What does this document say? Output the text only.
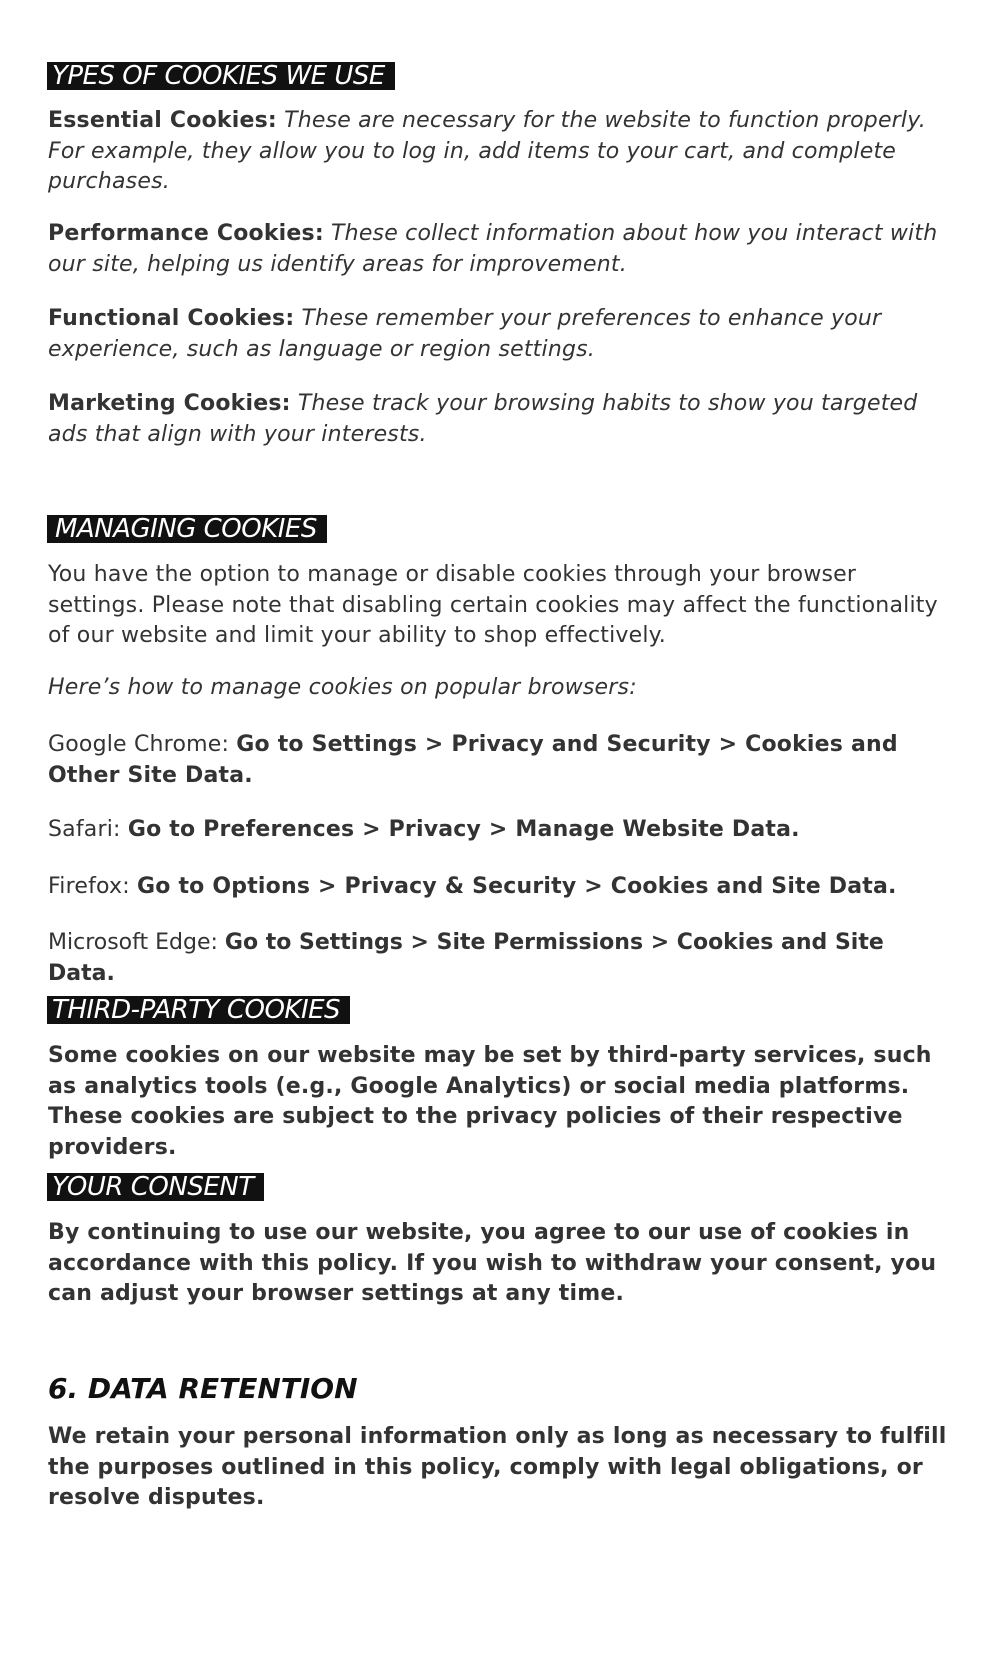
YPES OF COOKIES WE USE

Essential Cookies: These are necessary for the website to function properly. For example, they allow you to log in, add items to your cart, and complete purchases.

Performance Cookies: These collect information about how you interact with our site, helping us identify areas for improvement.

Functional Cookies: These remember your preferences to enhance your experience, such as language or region settings.

Marketing Cookies: These track your browsing habits to show you targeted ads that align with your interests.

MANAGING COOKIES

You have the option to manage or disable cookies through your browser settings. Please note that disabling certain cookies may affect the functionality of our website and limit your ability to shop effectively.

Here’s how to manage cookies on popular browsers:

Google Chrome: Go to Settings > Privacy and Security > Cookies and Other Site Data.

Safari: Go to Preferences > Privacy > Manage Website Data.

Firefox: Go to Options > Privacy & Security > Cookies and Site Data.

Microsoft Edge: Go to Settings > Site Permissions > Cookies and Site Data.

THIRD-PARTY COOKIES

Some cookies on our website may be set by third-party services, such as analytics tools (e.g., Google Analytics) or social media platforms. These cookies are subject to the privacy policies of their respective providers.

YOUR CONSENT

By continuing to use our website, you agree to our use of cookies in accordance with this policy. If you wish to withdraw your consent, you can adjust your browser settings at any time.

6. DATA RETENTION

We retain your personal information only as long as necessary to fulfill the purposes outlined in this policy, comply with legal obligations, or resolve disputes.
